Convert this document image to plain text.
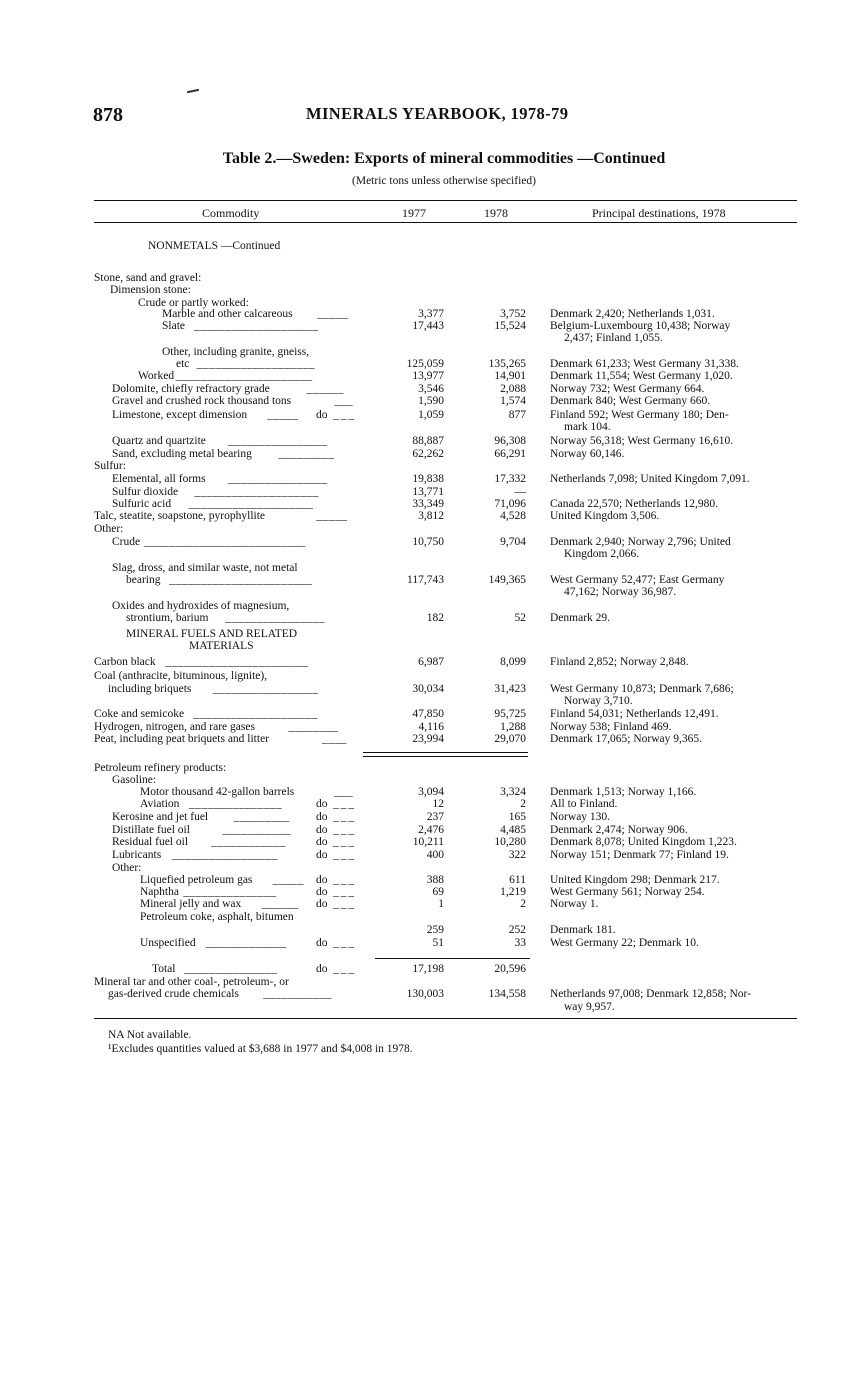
878	MINERALS YEARBOOK, 1978-79
Table 2.—Sweden: Exports of mineral commodities —Continued
(Metric tons unless otherwise specified)
Commodity	1977	1978	Principal destinations, 1978
NONMETALS —Continued
MINERAL FUELS AND RELATED
MATERIALS
Stone, sand and gravel:
Dimension stone:
Crude or partly worked:
Marble and other calcareous _ _ _ _ _	3,377	3,752 Denmark 2,420; Netherlands 1,031.
Slate _ _ _ _ _ _ _ _ _ _ _ _ _ _ _ _ _ _ _ _	17,443	15,524 Belgium-Luxembourg 10,438; Norway
2,437; Finland 1,055.
Other, including granite, gneiss,
etc _ _ _ _ _ _ _ _ _ _ _ _ _ _ _ _ _ _ _	125,059	135,265 Denmark 61,233; West Germany 31,338.
Worked _ _ _ _ _ _ _ _ _ _ _ _ _ _ _ _ _ _ _ _ _ _	13,977	14,901 Denmark 11,554; West Germany 1,020.
Dolomite, chiefly refractory grade	_ _ _ _ _ _	3,546	2,088 Norway 732; West Germany 664.
Gravel and crushed rock thousand tons	_ _ _	1,590	1,574 Denmark 840; West Germany 660.
Limestone, except dimension _ _ _ _ _ do _ _ _	1,059	877 Finland 592; West Germany 180; Den-
mark 104.
Quartz and quartzite _ _ _ _ _ _ _ _ _ _ _ _ _ _ _ _	88,887	96,308 Norway 56,318; West Germany 16,610.
Sand, excluding metal bearing _ _ _ _ _ _ _ _ _	62,262	66,291 Norway 60,146.
Sulfur:
Elemental, all forms _ _ _ _ _ _ _ _ _ _ _ _ _ _ _ _	19,838	17,332 Netherlands 7,098; United Kingdom 7,091.
Sulfur dioxide _ _ _ _ _ _ _ _ _ _ _ _ _ _ _ _ _ _ _ _	13,771	—
Sulfuric acid _ _ _ _ _ _ _ _ _ _ _ _ _ _ _ _ _ _ _ _	33,349	71,096 Canada 22,570; Netherlands 12,980.
Talc, steatite, soapstone, pyrophyllite	_ _ _ _ _	3,812	4,528 United Kingdom 3,506.
Other:
Crude _ _ _ _ _ _ _ _ _ _ _ _ _ _ _ _ _ _ _ _ _ _ _ _ _ _	10,750	9,704 Denmark 2,940; Norway 2,796; United
Kingdom 2,066.
Slag, dross, and similar waste, not metal
bearing _ _ _ _ _ _ _ _ _ _ _ _ _ _ _ _ _ _ _ _ _ _ _	117,743	149,365 West Germany 52,477; East Germany
47,162; Norway 36,987.
Oxides and hydroxides of magnesium,
strontium, barium _ _ _ _ _ _ _ _ _ _ _ _ _ _ _ _	182	52 Denmark 29.
Carbon black _ _ _ _ _ _ _ _ _ _ _ _ _ _ _ _ _ _ _ _ _ _ _	6,987	8,099 Finland 2,852; Norway 2,848.
Coal (anthracite, bituminous, lignite),
including briquets _ _ _ _ _ _ _ _ _ _ _ _ _ _ _ _ _	30,034	31,423 West Germany 10,873; Denmark 7,686;
Norway 3,710.
Coke and semicoke _ _ _ _ _ _ _ _ _ _ _ _ _ _ _ _ _ _ _ _	47,850	95,725 Finland 54,031; Netherlands 12,491.
Hydrogen, nitrogen, and rare gases	_ _ _ _ _ _ _ _	4,116	1,288 Norway 538; Finland 469.
Peat, including peat briquets and litter	_ _ _ _	23,994	29,070 Denmark 17,065; Norway 9,365.
Petroleum refinery products:
Gasoline:
Motor thousand 42-gallon barrels	_ _ _	3,094	3,324 Denmark 1,513; Norway 1,166.
Aviation _ _ _ _ _ _ _ _ _ _ _ _ _ _ _	do _ _ _	12	2 All to Finland.
Kerosine and jet fuel _ _ _ _ _ _ _ _ _ do _ _ _	237	165 Norway 130.
Distillate fuel oil	_ _ _ _ _ _ _ _ _ _ _ do _ _ _	2,476	4,485 Denmark 2,474; Norway 906.
Residual fuel oil _ _ _ _ _ _ _ _ _ _ _ _	do _ _ _	10,211	10,280 Denmark 8,078; United Kingdom 1,223.
Lubricants _ _ _ _ _ _ _ _ _ _ _ _ _ _ _ _ _	do _ _ _	400	322 Norway 151; Denmark 77; Finland 19.
Other:
Liquefied petroleum gas _ _ _ _ _ do _ _ _	388	611 United Kingdom 298; Denmark 217.
Naphtha _ _ _ _ _ _ _ _ _ _ _ _ _ _ _	do _ _ _	69	1,219 West Germany 561; Norway 254.
Mineral jelly and wax _ _ _ _ _ _ do _ _ _	1	2 Norway 1.
Petroleum coke, asphalt, bitumen
259	252 Denmark 181.
Unspecified _ _ _ _ _ _ _ _ _ _ _ _ _	do _ _ _	51	33 West Germany 22; Denmark 10.
Total _ _ _ _ _ _ _ _ _ _ _ _ _ _ _	do _ _ _	17,198	20,596
Mineral tar and other coal-, petroleum-, or
gas-derived crude chemicals _ _ _ _ _ _ _ _ _ _ _	130,003	134,558 Netherlands 97,008; Denmark 12,858; Nor-
way 9,957.
NA Not available.
¹Excludes quantities valued at $3,688 in 1977 and $4,008 in 1978.
